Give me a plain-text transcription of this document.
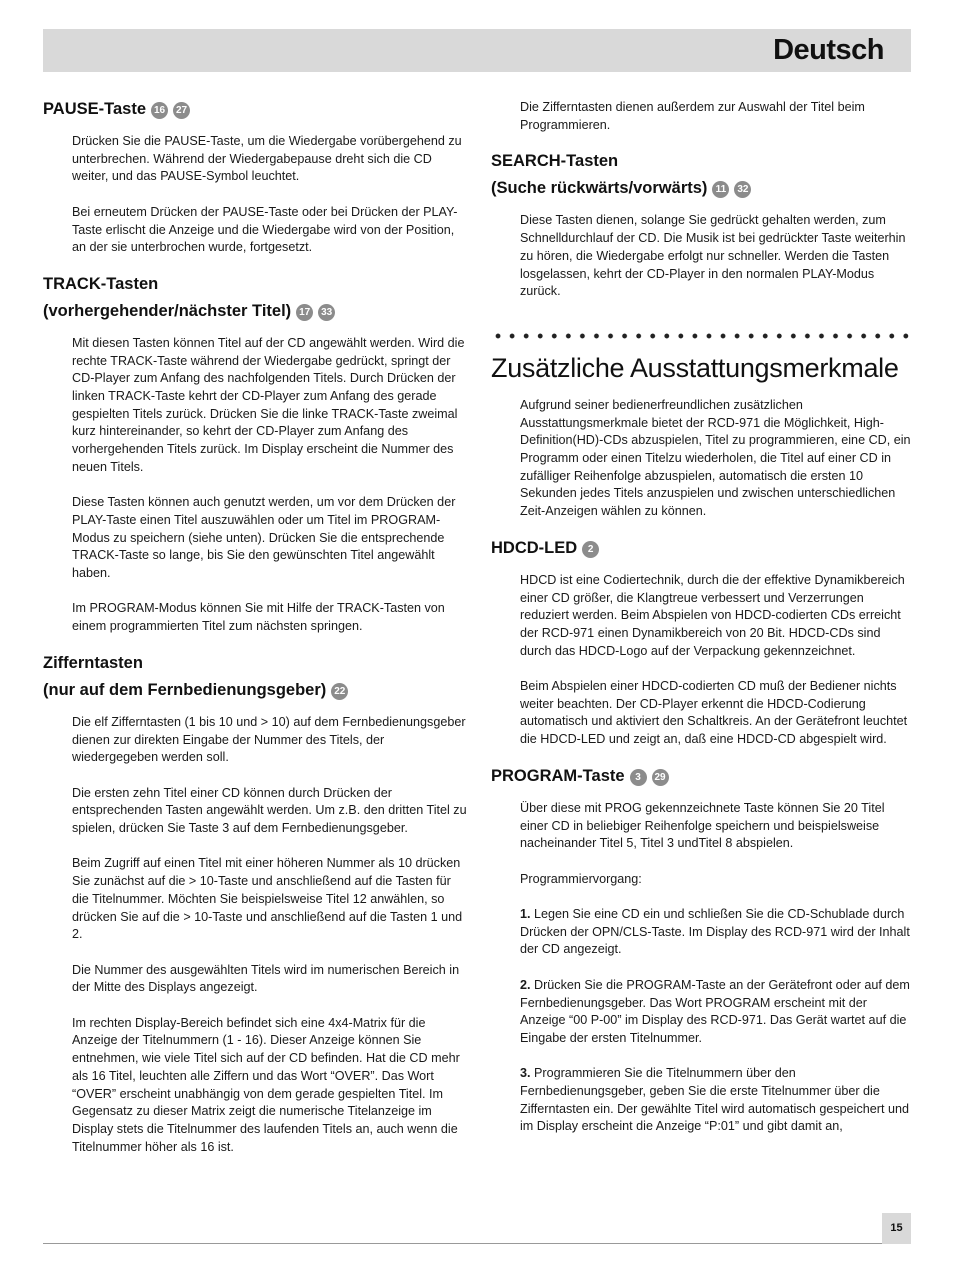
Deutsch
PAUSE-Taste 16 27

Drücken Sie die PAUSE-Taste, um die Wiedergabe vorübergehend zu unterbrechen. Während der Wiedergabepause dreht sich die CD weiter, und das PAUSE-Symbol leuchtet.

Bei erneutem Drücken der PAUSE-Taste oder bei Drücken der PLAY-Taste erlischt die Anzeige und die Wiedergabe wird von der Position, an der sie unterbrochen wurde, fortgesetzt.

TRACK-Tasten
(vorhergehender/nächster Titel) 17 33

Mit diesen Tasten können Titel auf der CD angewählt werden. Wird die rechte TRACK-Taste während der Wiedergabe gedrückt, springt der CD-Player zum Anfang des nachfolgenden Titels. Durch Drücken der linken TRACK-Taste kehrt der CD-Player zum Anfang des gerade gespielten Titels zurück. Drücken Sie die linke TRACK-Taste zweimal kurz hintereinander, so kehrt der CD-Player zum Anfang des vorhergehenden Titels zurück. Im Display erscheint die Nummer des neuen Titels.

Diese Tasten können auch genutzt werden, um vor dem Drücken der PLAY-Taste einen Titel auszuwählen oder um Titel im PROGRAM-Modus zu speichern (siehe unten). Drücken Sie die entsprechende TRACK-Taste so lange, bis Sie den gewünschten Titel angewählt haben.

Im PROGRAM-Modus können Sie mit Hilfe der TRACK-Tasten von einem programmierten Titel zum nächsten springen.

Zifferntasten
(nur auf dem Fernbedienungsgeber) 22

Die elf Zifferntasten (1 bis 10 und > 10) auf dem Fernbedienungsgeber dienen zur direkten Eingabe der Nummer des Titels, der wiedergegeben werden soll.

Die ersten zehn Titel einer CD können durch Drücken der entsprechenden Tasten angewählt werden. Um z.B. den dritten Titel zu spielen, drücken Sie Taste 3 auf dem Fernbedienungsgeber.

Beim Zugriff auf einen Titel mit einer höheren Nummer als 10 drücken Sie zunächst auf die > 10-Taste und anschließend auf die Tasten für die Titelnummer. Möchten Sie beispielsweise Titel 12 anwählen, so drücken Sie auf die > 10-Taste und anschließend auf die Tasten 1 und 2.

Die Nummer des ausgewählten Titels wird im numerischen Bereich in der Mitte des Displays angezeigt.

Im rechten Display-Bereich befindet sich eine 4x4-Matrix für die Anzeige der Titelnummern (1 - 16). Dieser Anzeige können Sie entnehmen, wie viele Titel sich auf der CD befinden. Hat die CD mehr als 16 Titel, leuchten alle Ziffern und das Wort “OVER”. Das Wort “OVER” erscheint unabhängig von dem gerade gespielten Titel. Im Gegensatz zu dieser Matrix zeigt die numerische Titelanzeige im Display stets die Titelnummer des laufenden Titels an, auch wenn die Titelnummer höher als 16 ist.

Die Zifferntasten dienen außerdem zur Auswahl der Titel beim Programmieren.

SEARCH-Tasten
(Suche rückwärts/vorwärts) 11 32

Diese Tasten dienen, solange Sie gedrückt gehalten werden, zum Schnelldurchlauf der CD. Die Musik ist bei gedrückter Taste weiterhin zu hören, die Wiedergabe erfolgt nur schneller. Werden die Tasten losgelassen, kehrt der CD-Player in den normalen PLAY-Modus zurück.

Zusätzliche Ausstattungsmerkmale

Aufgrund seiner bedienerfreundlichen zusätzlichen Ausstattungsmerkmale bietet der RCD-971 die Möglichkeit, High-Definition(HD)-CDs abzuspielen, Titel zu programmieren, eine CD, ein Programm oder einen Titelzu wiederholen, die Titel auf einer CD in zufälliger Reihenfolge abzuspielen, automatisch die ersten 10 Sekunden jedes Titels anzuspielen und zwischen unterschiedlichen Zeit-Anzeigen wählen zu können.

HDCD-LED 2

HDCD ist eine Codiertechnik, durch die der effektive Dynamikbereich einer CD größer, die Klangtreue verbessert und Verzerrungen reduziert werden. Beim Abspielen von HDCD-codierten CDs erreicht der RCD-971 einen Dynamikbereich von 20 Bit. HDCD-CDs sind durch das HDCD-Logo auf der Verpackung gekennzeichnet.

Beim Abspielen einer HDCD-codierten CD muß der Bediener nichts weiter beachten. Der CD-Player erkennt die HDCD-Codierung automatisch und aktiviert den Schaltkreis. An der Gerätefront leuchtet die HDCD-LED und zeigt an, daß eine HDCD-CD abgespielt wird.

PROGRAM-Taste 3 29

Über diese mit PROG gekennzeichnete Taste können Sie 20 Titel einer CD in beliebiger Reihenfolge speichern und beispielsweise nacheinander Titel 5, Titel 3 undTitel 8 abspielen.

Programmiervorgang:

1. Legen Sie eine CD ein und schließen Sie die CD-Schublade durch Drücken der OPN/CLS-Taste. Im Display des RCD-971 wird der Inhalt der CD angezeigt.

2. Drücken Sie die PROGRAM-Taste an der Gerätefront oder auf dem Fernbedienungsgeber. Das Wort PROGRAM erscheint mit der Anzeige “00 P-00” im Display des RCD-971. Das Gerät wartet auf die Eingabe der ersten Titelnummer.

3. Programmieren Sie die Titelnummern über den Fernbedienungsgeber, geben Sie die erste Titelnummer über die Zifferntasten ein. Der gewählte Titel wird automatisch gespeichert und im Display erscheint die Anzeige “P:01” und gibt damit an,

15
